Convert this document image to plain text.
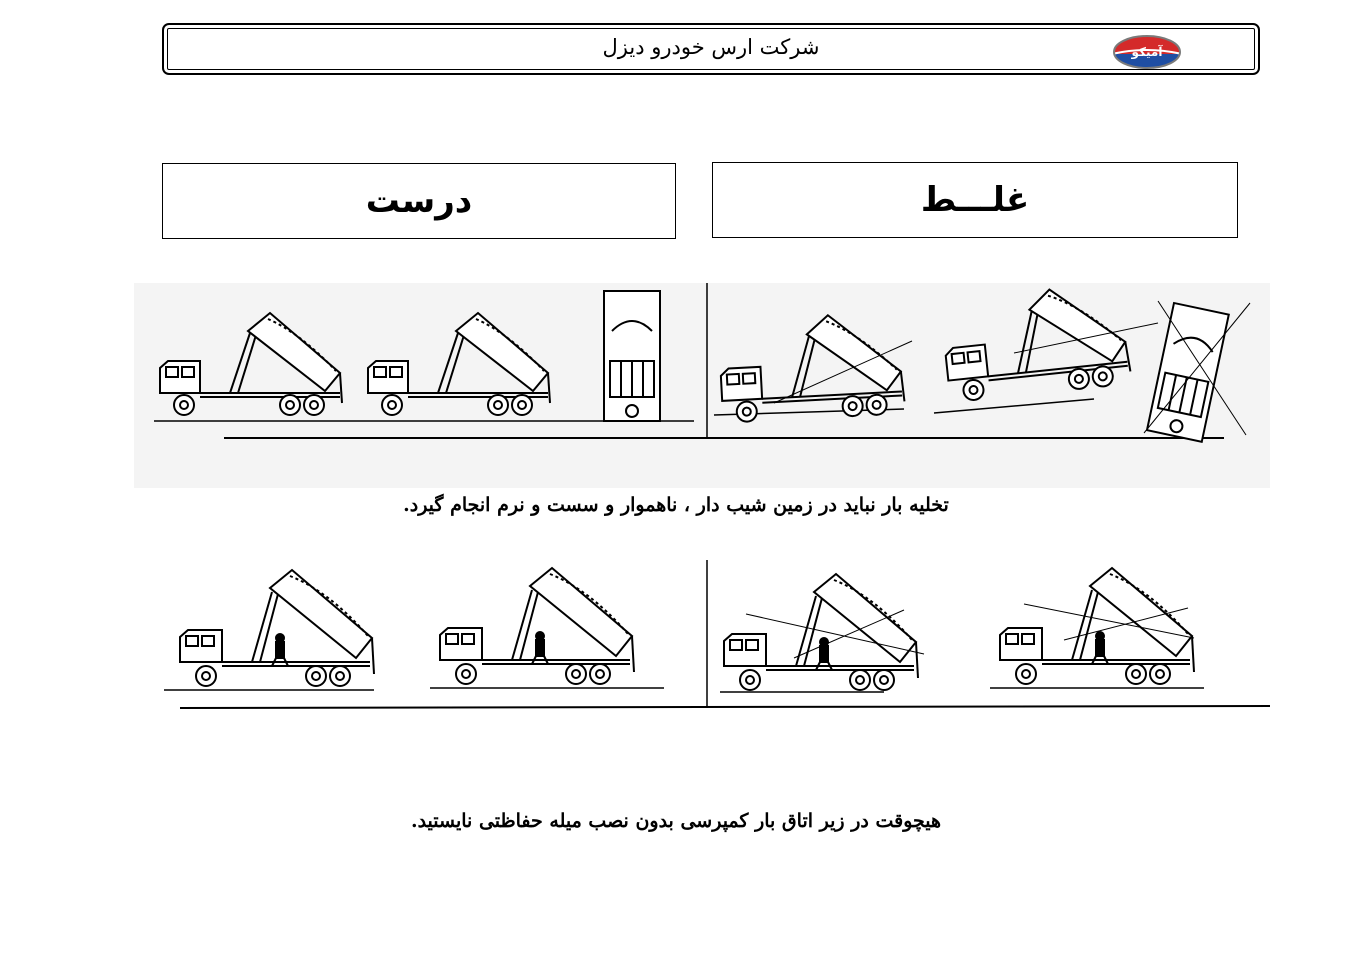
شرکت ارس خودرو دیزل	آمیکو
درست	غلـــط
تخلیه بار نباید در زمین شیب دار ، ناهموار و سست و نرم انجام گیرد.
هیچوقت در زیر اتاق بار کمپرسی بدون نصب میله حفاظتی نایستید.
